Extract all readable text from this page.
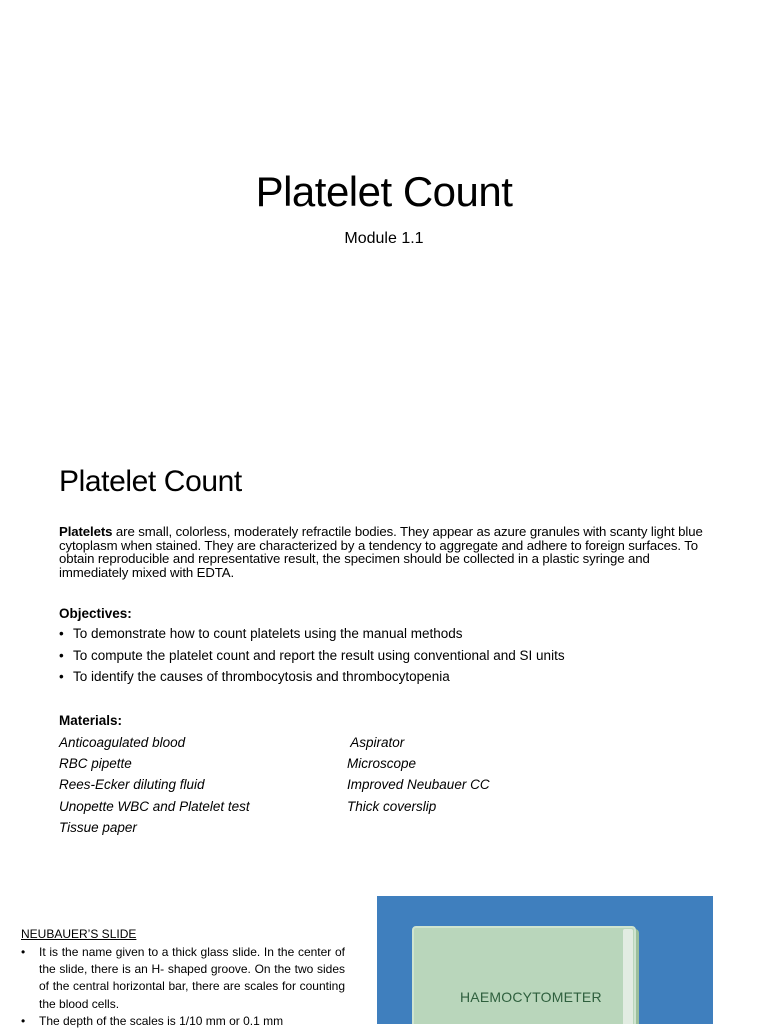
Platelet Count
Module 1.1
Platelet Count
Platelets are small, colorless, moderately refractile bodies. They appear as azure granules with scanty light blue cytoplasm when stained. They are characterized by a tendency to aggregate and adhere to foreign surfaces. To obtain reproducible and representative result, the specimen should be collected in a plastic syringe and immediately mixed with EDTA.
Objectives:
• To demonstrate how to count platelets using the manual methods
• To compute the platelet count and report the result using conventional and SI units
• To identify the causes of thrombocytosis and thrombocytopenia
Materials:
Anticoagulated blood
RBC pipette
Rees-Ecker diluting fluid
Unopette WBC and Platelet test
Tissue paper
Aspirator
Microscope
Improved Neubauer CC
Thick coverslip
NEUBAUER’S SLIDE
•	It is the name given to a thick glass slide. In the center of the slide, there is an H- shaped groove. On the two sides of the central horizontal bar, there are scales for counting the blood cells.
•	The depth of the scales is 1/10 mm or 0.1 mm
HAEMOCYTOMETER
